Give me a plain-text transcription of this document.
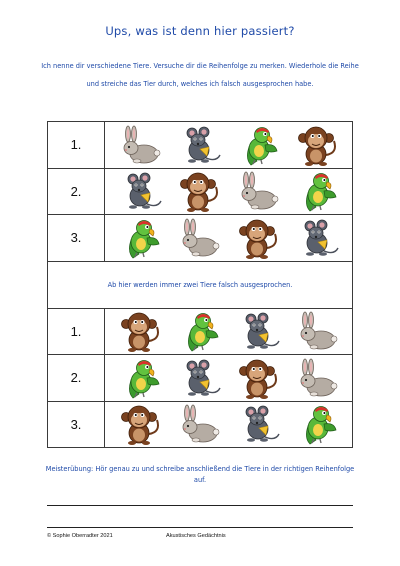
Ups, was ist denn hier passiert?
Ich nenne dir verschiedene Tiere. Versuche dir die Reihenfolge zu merken. Wiederhole die Reihe und streiche das Tier durch, welches ich falsch ausgesprochen habe.
1.	

2.	

3.	

Ab hier werden immer zwei Tiere falsch ausgesprochen.	
1.	

2.	

3.	
Meisterübung: Hör genau zu und schreibe anschließend die Tiere in der richtigen Reihenfolge auf.
© Sophie Oberradter 2021	Akustisches Gedächtnis
